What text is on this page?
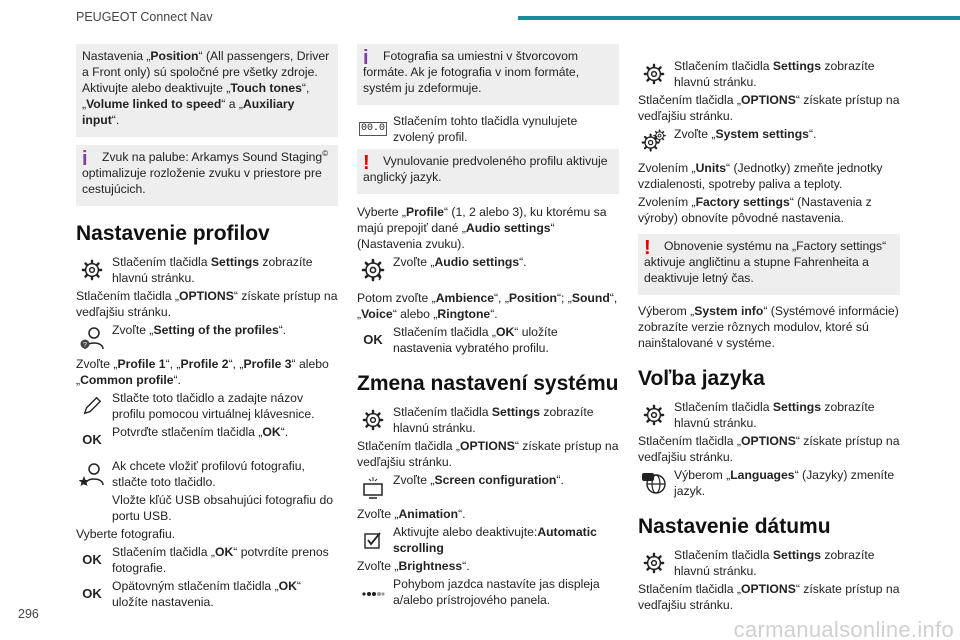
PEUGEOT Connect Nav
Nastavenia „Position“ (All passengers, Driver a Front only) sú spoločné pre všetky zdroje. Aktivujte alebo deaktivujte „Touch tones“, „Volume linked to speed“ a „Auxiliary input“.
i	Zvuk na palube: Arkamys Sound Staging© optimalizuje rozloženie zvuku v priestore pre cestujúcich.
Nastavenie profilov
Stlačením tlačidla Settings zobrazíte hlavnú stránku.
Stlačením tlačidla „OPTIONS“ získate prístup na vedľajšiu stránku.
?
Zvoľte „Setting of the profiles“.
Zvoľte „Profile 1“, „Profile 2“, „Profile 3“ alebo „Common profile“.
Stlačte toto tlačidlo a zadajte názov profilu pomocou virtuálnej klávesnice.
OK Potvrďte stlačením tlačidla „OK“.
Ak chcete vložiť profilovú fotografiu, stlačte toto tlačidlo.
Vložte kľúč USB obsahujúci fotografiu do portu USB.
Vyberte fotografiu.
OK Stlačením tlačidla „OK“ potvrdíte prenos fotografie.
OK Opätovným stlačením tlačidla „OK“ uložíte nastavenia.
i	Fotografia sa umiestni v štvorcovom formáte. Ak je fotografia v inom formáte, systém ju zdeformuje.
00.0
Stlačením tohto tlačidla vynulujete zvolený profil.
!	Vynulovanie predvoleného profilu aktivuje anglický jazyk.
Vyberte „Profile“ (1, 2 alebo 3), ku ktorému sa majú prepojiť dané „Audio settings“ (Nastavenia zvuku).
Zvoľte „Audio settings“.
Potom zvoľte „Ambience“, „Position“; „Sound“, „Voice“ alebo „Ringtone“.
OK Stlačením tlačidla „OK“ uložíte nastavenia vybratého profilu.
Zmena nastavení systému
Stlačením tlačidla Settings zobrazíte hlavnú stránku.
Stlačením tlačidla „OPTIONS“ získate prístup na vedľajšiu stránku.
Zvoľte „Screen configuration“.
Zvoľte „Animation“.
Aktivujte alebo deaktivujte:Automatic scrolling
Zvoľte „Brightness“.
Pohybom jazdca nastavíte jas displeja a/alebo prístrojového panela.
Stlačením tlačidla Settings zobrazíte hlavnú stránku.
Stlačením tlačidla „OPTIONS“ získate prístup na vedľajšiu stránku.
Zvoľte „System settings“.
Zvolením „Units“ (Jednotky) zmeňte jednotky vzdialenosti, spotreby paliva a teploty.
Zvolením „Factory settings“ (Nastavenia z výroby) obnovíte pôvodné nastavenia.
!	Obnovenie systému na „Factory settings“ aktivuje angličtinu a stupne Fahrenheita a deaktivuje letný čas.
Výberom „System info“ (Systémové informácie) zobrazíte verzie rôznych modulov, ktoré sú nainštalované v systéme.
Voľba jazyka
Stlačením tlačidla Settings zobrazíte hlavnú stránku.
Stlačením tlačidla „OPTIONS“ získate prístup na vedľajšiu stránku.
Výberom „Languages“ (Jazyky) zmeníte jazyk.
Nastavenie dátumu
Stlačením tlačidla Settings zobrazíte hlavnú stránku.
Stlačením tlačidla „OPTIONS“ získate prístup na vedľajšiu stránku.
296
carmanualsonline.info
